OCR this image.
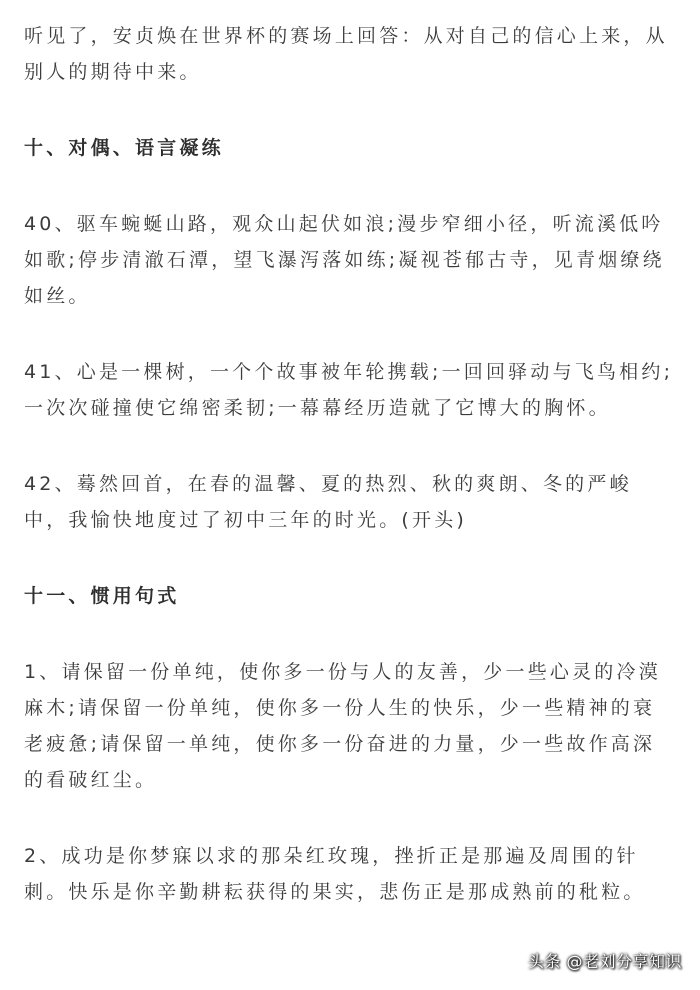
听见了，安贞焕在世界杯的赛场上回答：从对自己的信心上来，从别人的期待中来。

十、对偶、语言凝练

40、驱车蜿蜒山路，观众山起伏如浪;漫步窄细小径，听流溪低吟如歌;停步清澈石潭，望飞瀑泻落如练;凝视苍郁古寺，见青烟缭绕如丝。

41、心是一棵树，一个个故事被年轮携载;一回回驿动与飞鸟相约;一次次碰撞使它绵密柔韧;一幕幕经历造就了它博大的胸怀。

42、蓦然回首，在春的温馨、夏的热烈、秋的爽朗、冬的严峻中，我愉快地度过了初中三年的时光。(开头)

十一、惯用句式

1、请保留一份单纯，使你多一份与人的友善，少一些心灵的冷漠麻木;请保留一份单纯，使你多一份人生的快乐，少一些精神的衰老疲惫;请保留一单纯，使你多一份奋进的力量，少一些故作高深的看破红尘。

2、成功是你梦寐以求的那朵红玫瑰，挫折正是那遍及周围的针刺。快乐是你辛勤耕耘获得的果实，悲伤正是那成熟前的秕粒。

头条 @老刘分享知识
